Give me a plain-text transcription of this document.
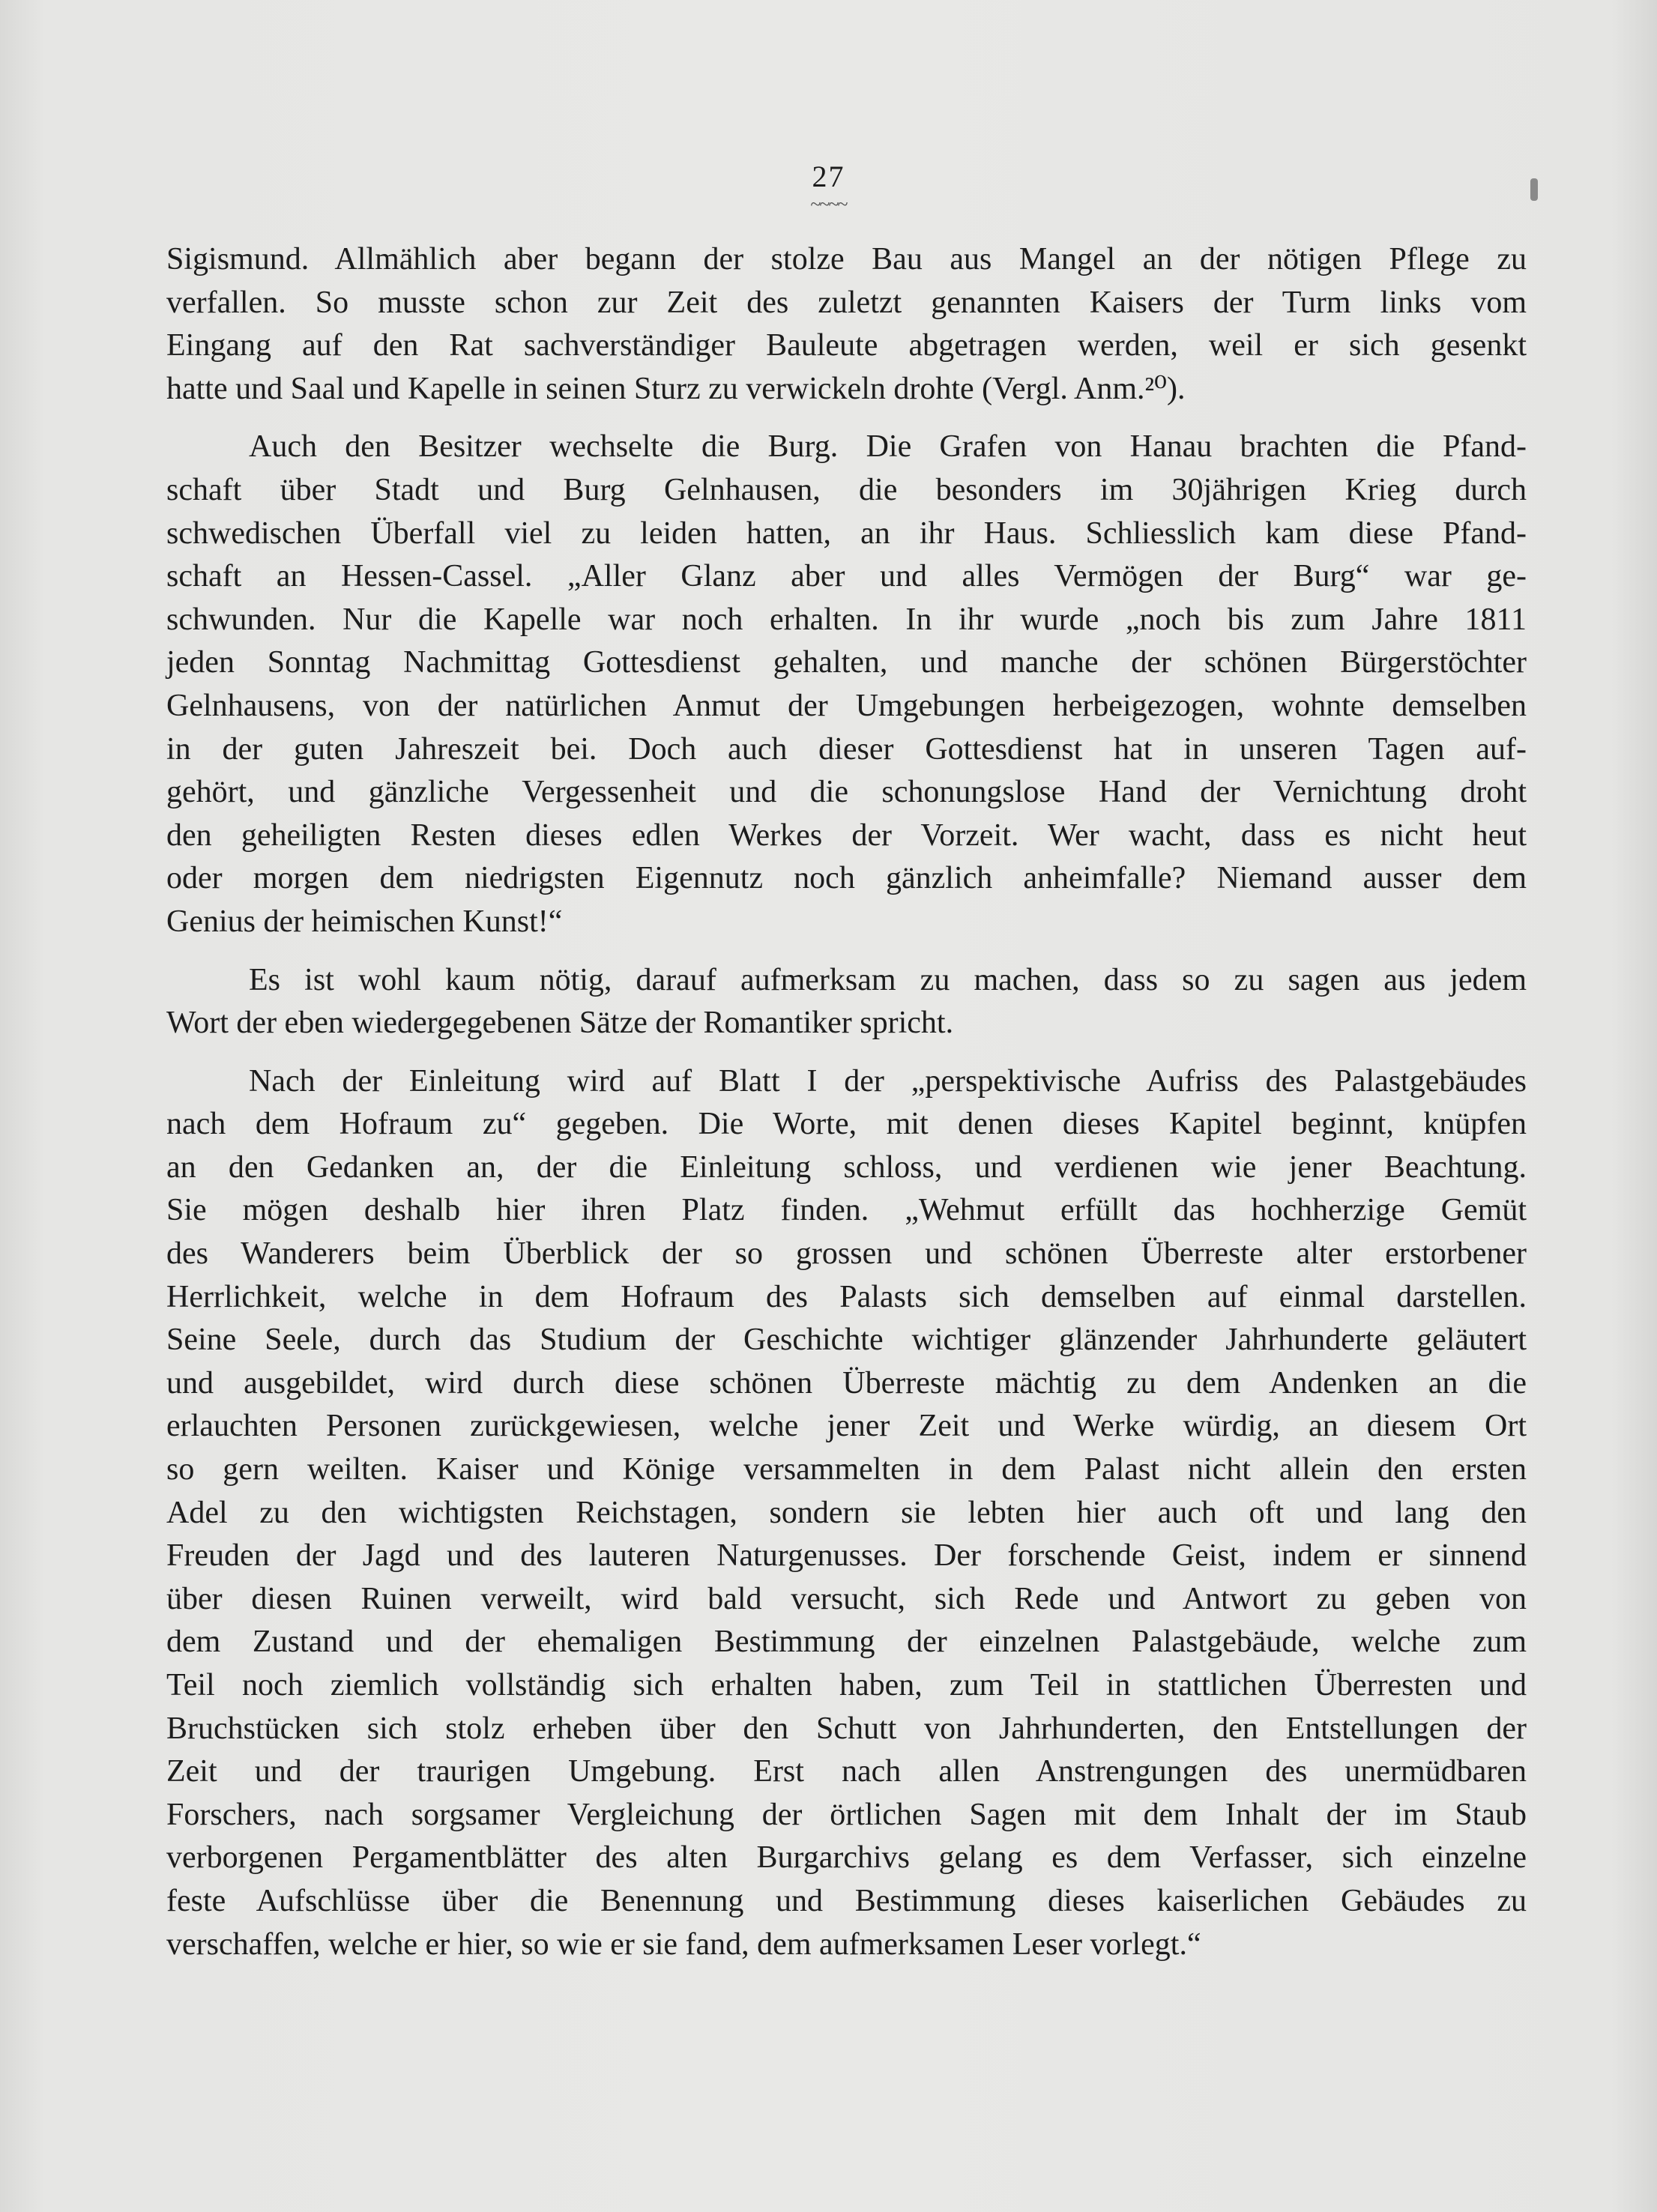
27
~~~~
Sigismund. Allmählich aber begann der stolze Bau aus Mangel an der nötigen Pflege zu
verfallen. So musste schon zur Zeit des zuletzt genannten Kaisers der Turm links vom
Eingang auf den Rat sachverständiger Bauleute abgetragen werden, weil er sich gesenkt
hatte und Saal und Kapelle in seinen Sturz zu verwickeln drohte (Vergl. Anm.²⁰).
Auch den Besitzer wechselte die Burg. Die Grafen von Hanau brachten die Pfand-
schaft über Stadt und Burg Gelnhausen, die besonders im 30jährigen Krieg durch
schwedischen Überfall viel zu leiden hatten, an ihr Haus. Schliesslich kam diese Pfand-
schaft an Hessen-Cassel. „Aller Glanz aber und alles Vermögen der Burg“ war ge-
schwunden. Nur die Kapelle war noch erhalten. In ihr wurde „noch bis zum Jahre 1811
jeden Sonntag Nachmittag Gottesdienst gehalten, und manche der schönen Bürgerstöchter
Gelnhausens, von der natürlichen Anmut der Umgebungen herbeigezogen, wohnte demselben
in der guten Jahreszeit bei. Doch auch dieser Gottesdienst hat in unseren Tagen auf-
gehört, und gänzliche Vergessenheit und die schonungslose Hand der Vernichtung droht
den geheiligten Resten dieses edlen Werkes der Vorzeit. Wer wacht, dass es nicht heut
oder morgen dem niedrigsten Eigennutz noch gänzlich anheimfalle? Niemand ausser dem
Genius der heimischen Kunst!“
Es ist wohl kaum nötig, darauf aufmerksam zu machen, dass so zu sagen aus jedem
Wort der eben wiedergegebenen Sätze der Romantiker spricht.
Nach der Einleitung wird auf Blatt I der „perspektivische Aufriss des Palastgebäudes
nach dem Hofraum zu“ gegeben. Die Worte, mit denen dieses Kapitel beginnt, knüpfen
an den Gedanken an, der die Einleitung schloss, und verdienen wie jener Beachtung.
Sie mögen deshalb hier ihren Platz finden. „Wehmut erfüllt das hochherzige Gemüt
des Wanderers beim Überblick der so grossen und schönen Überreste alter erstorbener
Herrlichkeit, welche in dem Hofraum des Palasts sich demselben auf einmal darstellen.
Seine Seele, durch das Studium der Geschichte wichtiger glänzender Jahrhunderte geläutert
und ausgebildet, wird durch diese schönen Überreste mächtig zu dem Andenken an die
erlauchten Personen zurückgewiesen, welche jener Zeit und Werke würdig, an diesem Ort
so gern weilten. Kaiser und Könige versammelten in dem Palast nicht allein den ersten
Adel zu den wichtigsten Reichstagen, sondern sie lebten hier auch oft und lang den
Freuden der Jagd und des lauteren Naturgenusses. Der forschende Geist, indem er sinnend
über diesen Ruinen verweilt, wird bald versucht, sich Rede und Antwort zu geben von
dem Zustand und der ehemaligen Bestimmung der einzelnen Palastgebäude, welche zum
Teil noch ziemlich vollständig sich erhalten haben, zum Teil in stattlichen Überresten und
Bruchstücken sich stolz erheben über den Schutt von Jahrhunderten, den Entstellungen der
Zeit und der traurigen Umgebung. Erst nach allen Anstrengungen des unermüdbaren
Forschers, nach sorgsamer Vergleichung der örtlichen Sagen mit dem Inhalt der im Staub
verborgenen Pergamentblätter des alten Burgarchivs gelang es dem Verfasser, sich einzelne
feste Aufschlüsse über die Benennung und Bestimmung dieses kaiserlichen Gebäudes zu
verschaffen, welche er hier, so wie er sie fand, dem aufmerksamen Leser vorlegt.“
